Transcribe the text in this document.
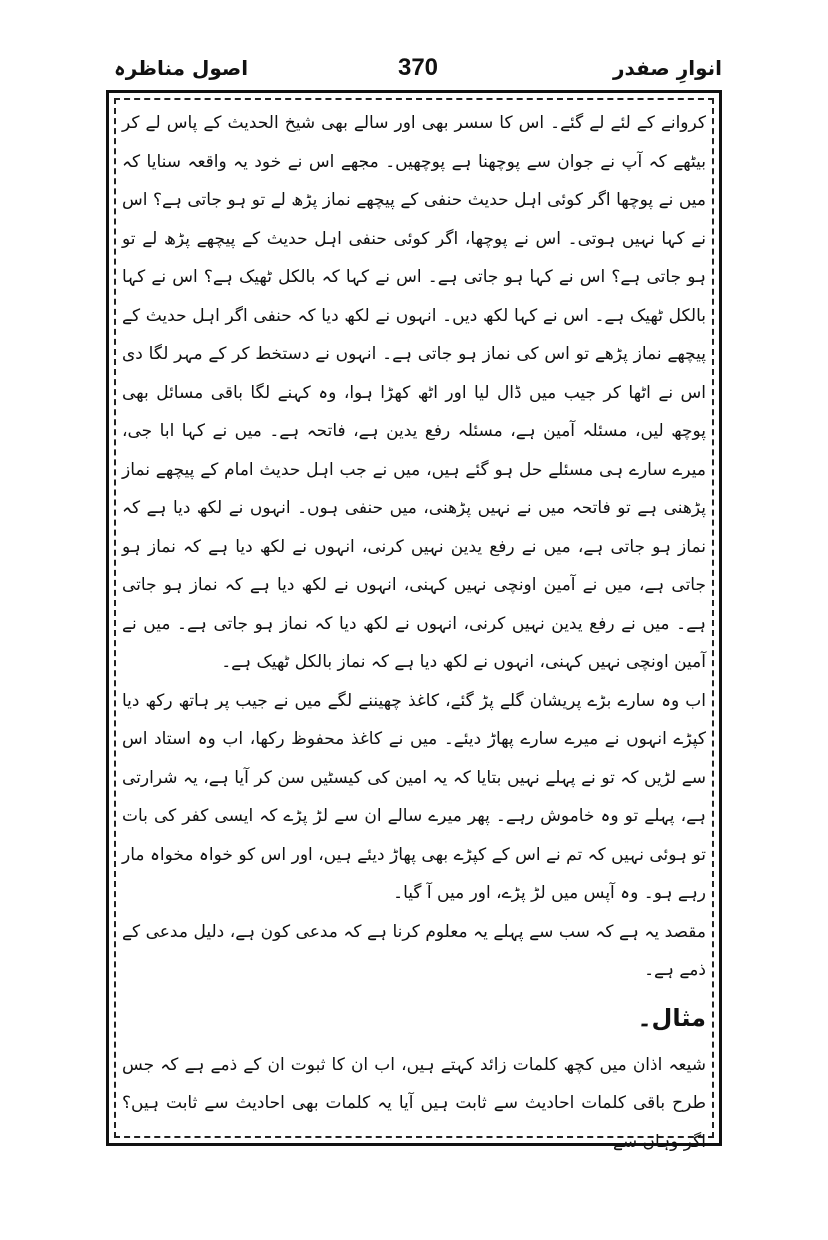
اصول مناظرہ	370	انوارِ صفدر

کروانے کے لئے لے گئے۔ اس کا سسر بھی اور سالے بھی شیخ الحدیث کے پاس لے کر بیٹھے کہ آپ نے جوان سے پوچھنا ہے پوچھیں۔ مجھے اس نے خود یہ واقعہ سنایا کہ میں نے پوچھا اگر کوئی اہل حدیث حنفی کے پیچھے نماز پڑھ لے تو ہو جاتی ہے؟ اس نے کہا نہیں ہوتی۔ اس نے پوچھا، اگر کوئی حنفی اہل حدیث کے پیچھے پڑھ لے تو ہو جاتی ہے؟ اس نے کہا ہو جاتی ہے۔ اس نے کہا کہ بالکل ٹھیک ہے؟ اس نے کہا بالکل ٹھیک ہے۔ اس نے کہا لکھ دیں۔ انہوں نے لکھ دیا کہ حنفی اگر اہل حدیث کے پیچھے نماز پڑھے تو اس کی نماز ہو جاتی ہے۔ انہوں نے دستخط کر کے مہر لگا دی اس نے اٹھا کر جیب میں ڈال لیا اور اٹھ کھڑا ہوا، وہ کہنے لگا باقی مسائل بھی پوچھ لیں، مسئلہ آمین ہے، مسئلہ رفع یدین ہے، فاتحہ ہے۔ میں نے کہا ابا جی، میرے سارے ہی مسئلے حل ہو گئے ہیں، میں نے جب اہل حدیث امام کے پیچھے نماز پڑھنی ہے تو فاتحہ میں نے نہیں پڑھنی، میں حنفی ہوں۔ انہوں نے لکھ دیا ہے کہ نماز ہو جاتی ہے، میں نے رفع یدین نہیں کرنی، انہوں نے لکھ دیا ہے کہ نماز ہو جاتی ہے، میں نے آمین اونچی نہیں کہنی، انہوں نے لکھ دیا ہے کہ نماز ہو جاتی ہے۔ میں نے رفع یدین نہیں کرنی، انہوں نے لکھ دیا کہ نماز ہو جاتی ہے۔ میں نے آمین اونچی نہیں کہنی، انہوں نے لکھ دیا ہے کہ نماز بالکل ٹھیک ہے۔

اب وہ سارے بڑے پریشان گلے پڑ گئے، کاغذ چھیننے لگے میں نے جیب پر ہاتھ رکھ دیا کپڑے انہوں نے میرے سارے پھاڑ دیئے۔ میں نے کاغذ محفوظ رکھا، اب وہ استاد اس سے لڑیں کہ تو نے پہلے نہیں بتایا کہ یہ امین کی کیسٹیں سن کر آیا ہے، یہ شرارتی ہے، پہلے تو وہ خاموش رہے۔ پھر میرے سالے ان سے لڑ پڑے کہ ایسی کفر کی بات تو ہوئی نہیں کہ تم نے اس کے کپڑے بھی پھاڑ دیئے ہیں، اور اس کو خواہ مخواہ مار رہے ہو۔ وہ آپس میں لڑ پڑے، اور میں آ گیا۔

مقصد یہ ہے کہ سب سے پہلے یہ معلوم کرنا ہے کہ مدعی کون ہے، دلیل مدعی کے ذمے ہے۔

مثال۔

شیعہ اذان میں کچھ کلمات زائد کہتے ہیں، اب ان کا ثبوت ان کے ذمے ہے کہ جس طرح باقی کلمات احادیث سے ثابت ہیں آیا یہ کلمات بھی احادیث سے ثابت ہیں؟ اگر وہاں سے
